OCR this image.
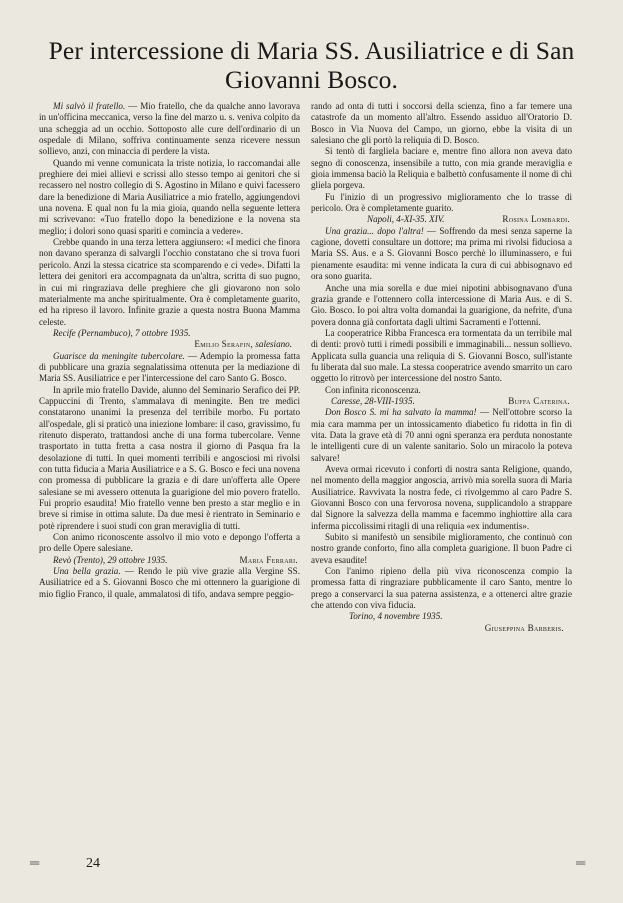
Per intercessione di Maria SS. Ausiliatrice e di San Giovanni Bosco.

Mi salvò il fratello. — Mio fratello, che da qualche anno lavorava in un'officina meccanica, verso la fine del marzo u. s. veniva colpito da una scheggia ad un occhio. Sottoposto alle cure dell'ordinario di un ospedale di Milano, soffriva continuamente senza ricevere nessun sollievo, anzi, con minaccia di perdere la vista.

Quando mi venne comunicata la triste notizia, lo raccomandai alle preghiere dei miei allievi e scrissi allo stesso tempo ai genitori che si recassero nel nostro collegio di S. Agostino in Milano e quivi facessero dare la benedizione di Maria Ausiliatrice a mio fratello, aggiungendovi una novena. E qual non fu la mia gioia, quando nella seguente lettera mi scrivevano: «Tuo fratello dopo la benedizione e la novena sta meglio; i dolori sono quasi spariti e comincia a vedere».

Crebbe quando in una terza lettera aggiunsero: «I medici che finora non davano speranza di salvargli l'occhio constatano che si trova fuori pericolo. Anzi la stessa cicatrice sta scomparendo e ci vede». Difatti la lettera dei genitori era accompagnata da un'altra, scritta di suo pugno, in cui mi ringraziava delle preghiere che gli giovarono non solo materialmente ma anche spiritualmente. Ora è completamente guarito, ed ha ripreso il lavoro. Infinite grazie a questa nostra Buona Mamma celeste.

Recife (Pernambuco), 7 ottobre 1935.

Emilio Serafin, salesiano.

Guarisce da meningite tubercolare. — Adempio la promessa fatta di pubblicare una grazia segnalatissima ottenuta per la mediazione di Maria SS. Ausiliatrice e per l'intercessione del caro Santo G. Bosco.

In aprile mio fratello Davide, alunno del Seminario Serafico dei PP. Cappuccini di Trento, s'ammalava di meningite. Ben tre medici constatarono unanimi la presenza del terribile morbo. Fu portato all'ospedale, gli si praticò una iniezione lombare: il caso, gravissimo, fu ritenuto disperato, trattandosi anche di una forma tubercolare. Venne trasportato in tutta fretta a casa nostra il giorno di Pasqua fra la desolazione di tutti. In quei momenti terribili e angosciosi mi rivolsi con tutta fiducia a Maria Ausiliatrice e a S. G. Bosco e feci una novena con promessa di pubblicare la grazia e di dare un'offerta alle Opere salesiane se mi avessero ottenuta la guarigione del mio povero fratello. Fui proprio esaudita! Mio fratello venne ben presto a star meglio e in breve si rimise in ottima salute. Da due mesi è rientrato in Seminario e potè riprendere i suoi studi con gran meraviglia di tutti.

Con animo riconoscente assolvo il mio voto e depongo l'offerta a pro delle Opere salesiane.

Revò (Trento), 29 ottobre 1935.	Maria Ferrari.

Una bella grazia. — Rendo le più vive grazie alla Vergine SS. Ausiliatrice ed a S. Giovanni Bosco che mi ottennero la guarigione di mio figlio Franco, il quale, ammalatosi di tifo, andava sempre peggio-

rando ad onta di tutti i soccorsi della scienza, fino a far temere una catastrofe da un momento all'altro. Essendo assiduo all'Oratorio D. Bosco in Via Nuova del Campo, un giorno, ebbe la visita di un salesiano che gli portò la reliquia di D. Bosco.

Si tentò di fargliela baciare e, mentre fino allora non aveva dato segno di conoscenza, insensibile a tutto, con mia grande meraviglia e gioia immensa baciò la Reliquia e balbettò confusamente il nome di chi gliela porgeva.

Fu l'inizio di un progressivo miglioramento che lo trasse di pericolo. Ora è completamente guarito.

Napoli, 4-XI-35. XIV.	Rosina Lombardi.

Una grazia... dopo l'altra! — Soffrendo da mesi senza saperne la cagione, dovetti consultare un dottore; ma prima mi rivolsi fiduciosa a Maria SS. Aus. e a S. Giovanni Bosco perchè lo illuminassero, e fui pienamente esaudita: mi venne indicata la cura di cui abbisognavo ed ora sono guarita.

Anche una mia sorella e due miei nipotini abbisognavano d'una grazia grande e l'ottennero colla intercessione di Maria Aus. e di S. Gio. Bosco. Io poi altra volta domandai la guarigione, da nefrite, d'una povera donna già confortata dagli ultimi Sacramenti e l'ottenni.

La cooperatrice Ribba Francesca era tormentata da un terribile mal di denti: provò tutti i rimedi possibili e immaginabili... nessun sollievo. Applicata sulla guancia una reliquia di S. Giovanni Bosco, sull'istante fu liberata dal suo male. La stessa cooperatrice avendo smarrito un caro oggetto lo ritrovò per intercessione del nostro Santo.

Con infinita riconoscenza.

Caresse, 28-VIII-1935.	Buffa Caterina.

Don Bosco S. mi ha salvato la mamma! — Nell'ottobre scorso la mia cara mamma per un intossicamento diabetico fu ridotta in fin di vita. Data la grave età di 70 anni ogni speranza era perduta nonostante le intelligenti cure di un valente sanitario. Solo un miracolo la poteva salvare!

Aveva ormai ricevuto i conforti di nostra santa Religione, quando, nel momento della maggior angoscia, arrivò mia sorella suora di Maria Ausiliatrice. Ravvivata la nostra fede, ci rivolgemmo al caro Padre S. Giovanni Bosco con una fervorosa novena, supplicandolo a strappare dal Signore la salvezza della mamma e facemmo inghiottire alla cara inferma piccolissimi ritagli di una reliquia «ex indumentis».

Subito si manifestò un sensibile miglioramento, che continuò con nostro grande conforto, fino alla completa guarigione. Il buon Padre ci aveva esaudite!

Con l'animo ripieno della più viva riconoscenza compio la promessa fatta di ringraziare pubblicamente il caro Santo, mentre lo prego a conservarci la sua paterna assistenza, e a ottenerci altre grazie che attendo con viva fiducia.

Torino, 4 novembre 1935.

Giuseppina Barberis.

═	24	═
